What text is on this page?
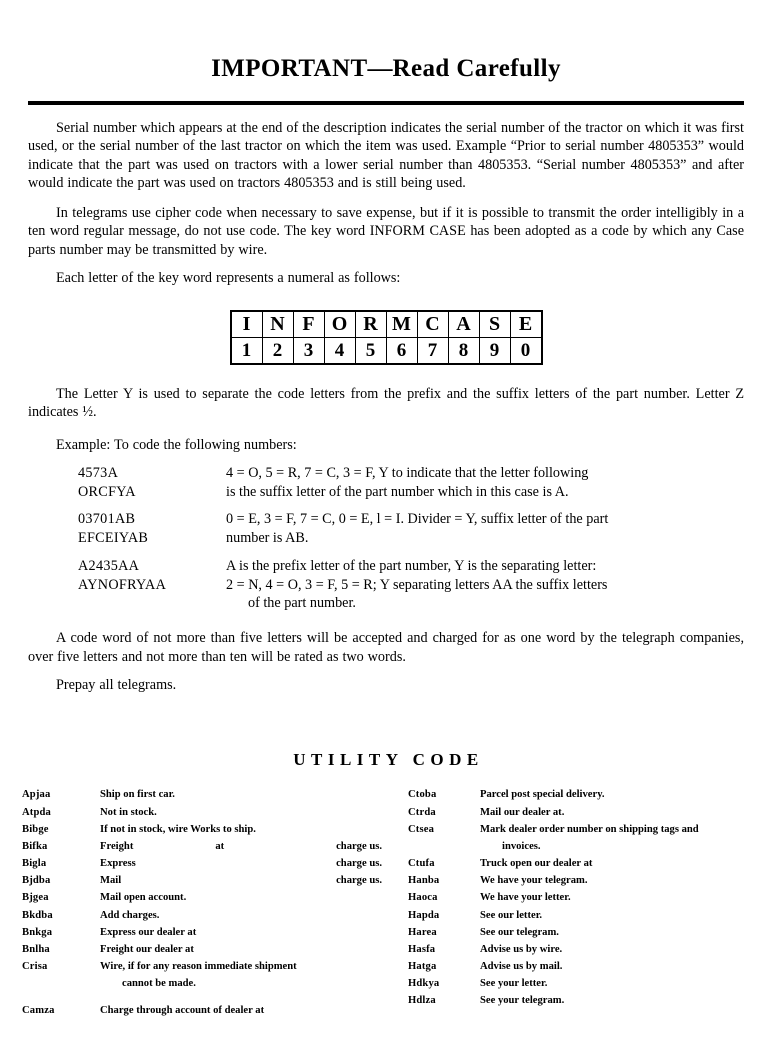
IMPORTANT—Read Carefully

Serial number which appears at the end of the description indicates the serial number of the tractor on which it was first used, or the serial number of the last tractor on which the item was used. Example “Prior to serial number 4805353” would indicate that the part was used on tractors with a lower serial number than 4805353. “Serial number 4805353” and after would indicate the part was used on tractors 4805353 and is still being used.

In telegrams use cipher code when necessary to save expense, but if it is possible to transmit the order intelligibly in a ten word regular message, do not use code. The key word INFORM CASE has been adopted as a code by which any Case parts number may be transmitted by wire.

Each letter of the key word represents a numeral as follows:

I	N	F	O	R	M	C	A	S	E
1	2	3	4	5	6	7	8	9	0

The Letter Y is used to separate the code letters from the prefix and the suffix letters of the part number. Letter Z indicates ½.

Example: To code the following numbers:

4573A	4 = O, 5 = R, 7 = C, 3 = F, Y to indicate that the letter following
ORCFYA	is the suffix letter of the part number which in this case is A.
03701AB	0 = E, 3 = F, 7 = C, 0 = E, l = I. Divider = Y, suffix letter of the part
EFCEIYAB	number is AB.
A2435AA	A is the prefix letter of the part number, Y is the separating letter:
AYNOFRYAA	2 = N, 4 = O, 3 = F, 5 = R; Y separating letters AA the suffix letters
of the part number.

A code word of not more than five letters will be accepted and charged for as one word by the telegraph companies, over five letters and not more than ten will be rated as two words.

Prepay all telegrams.

UTILITY CODE
Apjaa	Ship on first car.
Atpda	Not in stock.
Bibge	If not in stock, wire Works to ship.
Bifka	Freight	at	charge us.
Bigla	Express	charge us.
Bjdba	Mail	charge us.
Bjgea	Mail open account.
Bkdba	Add charges.
Bnkga	Express our dealer at
Bnlha	Freight our dealer at
Crisa	Wire, if for any reason immediate shipment
cannot be made.
Camza	Charge through account of dealer at
Ctoba	Parcel post special delivery.
Ctrda	Mail our dealer at.
Ctsea	Mark dealer order number on shipping tags and
invoices.
Ctufa	Truck open our dealer at
Hanba	We have your telegram.
Haoca	We have your letter.
Hapda	See our letter.
Harea	See our telegram.
Hasfa	Advise us by wire.
Hatga	Advise us by mail.
Hdkya	See your letter.
Hdlza	See your telegram.
